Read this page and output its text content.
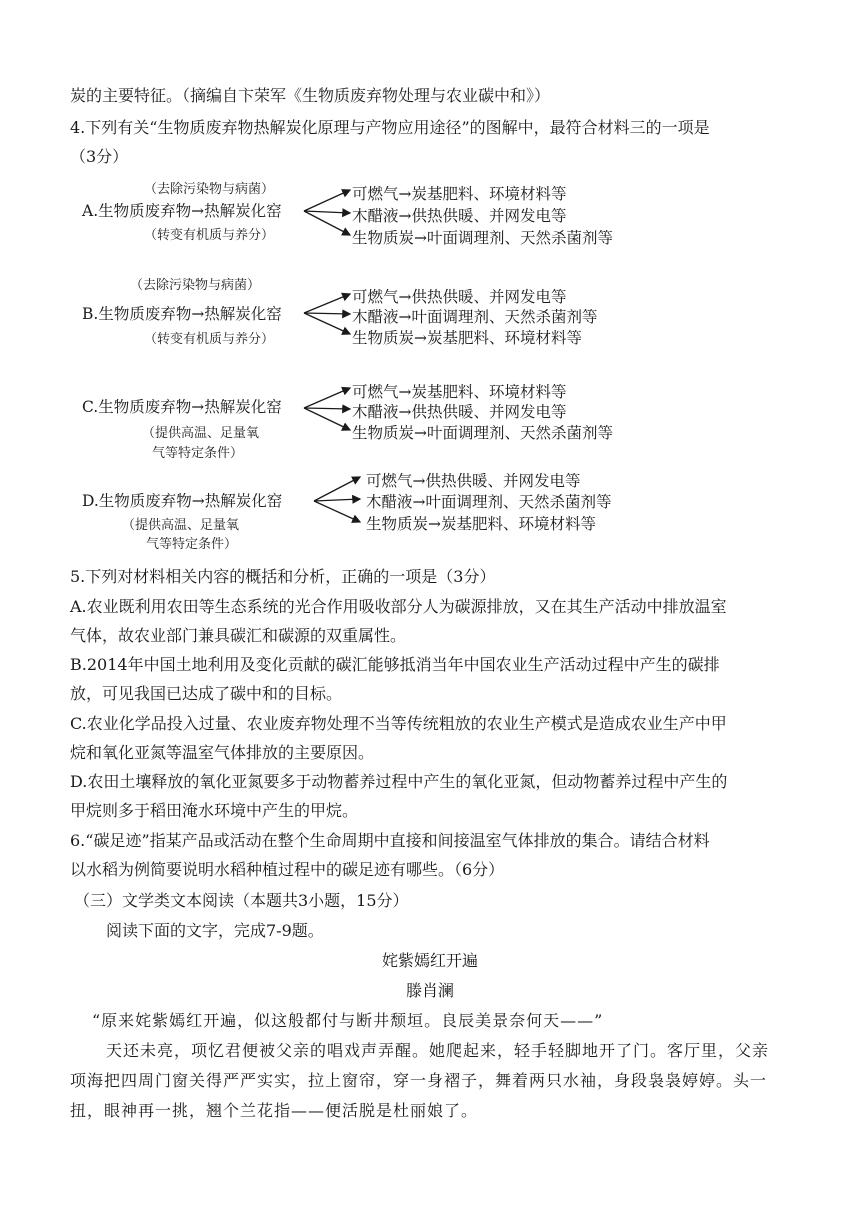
炭的主要特征。（摘编自卞荣军《生物质废弃物处理与农业碳中和》）
4.下列有关“生物质废弃物热解炭化原理与产物应用途径”的图解中，最符合材料三的一项是
（3分）
（去除污染物与病菌）
A.生物质废弃物→热解炭化窑
（转变有机质与养分）
可燃气→炭基肥料、环境材料等
木醋液→供热供暖、并网发电等
生物质炭→叶面调理剂、天然杀菌剂等
（去除污染物与病菌）
B.生物质废弃物→热解炭化窑
（转变有机质与养分）
可燃气→供热供暖、并网发电等
木醋液→叶面调理剂、天然杀菌剂等
生物质炭→炭基肥料、环境材料等
C.生物质废弃物→热解炭化窑
（提供高温、足量氧
气等特定条件）
可燃气→炭基肥料、环境材料等
木醋液→供热供暖、并网发电等
生物质炭→叶面调理剂、天然杀菌剂等
D.生物质废弃物→热解炭化窑
（提供高温、足量氧
气等特定条件）
可燃气→供热供暖、并网发电等
木醋液→叶面调理剂、天然杀菌剂等
生物质炭→炭基肥料、环境材料等
5.下列对材料相关内容的概括和分析，正确的一项是（3分）
A.农业既利用农田等生态系统的光合作用吸收部分人为碳源排放，又在其生产活动中排放温室
气体，故农业部门兼具碳汇和碳源的双重属性。
B.2014年中国土地利用及变化贡献的碳汇能够抵消当年中国农业生产活动过程中产生的碳排
放，可见我国已达成了碳中和的目标。
C.农业化学品投入过量、农业废弃物处理不当等传统粗放的农业生产模式是造成农业生产中甲
烷和氧化亚氮等温室气体排放的主要原因。
D.农田土壤释放的氧化亚氮要多于动物蓄养过程中产生的氧化亚氮，但动物蓄养过程中产生的
甲烷则多于稻田淹水环境中产生的甲烷。
6.“碳足迹”指某产品或活动在整个生命周期中直接和间接温室气体排放的集合。请结合材料
以水稻为例简要说明水稻种植过程中的碳足迹有哪些。（6分）
（三）文学类文本阅读（本题共3小题，15分）
阅读下面的文字，完成7-9题。
姹紫嫣红开遍
滕肖澜
“原来姹紫嫣红开遍，似这般都付与断井颓垣。良辰美景奈何天——”
天还未亮，项忆君便被父亲的唱戏声弄醒。她爬起来，轻手轻脚地开了门。客厅里，父亲
项海把四周门窗关得严严实实，拉上窗帘，穿一身褶子，舞着两只水袖，身段袅袅婷婷。头一
扭，眼神再一挑，翘个兰花指——便活脱是杜丽娘了。
